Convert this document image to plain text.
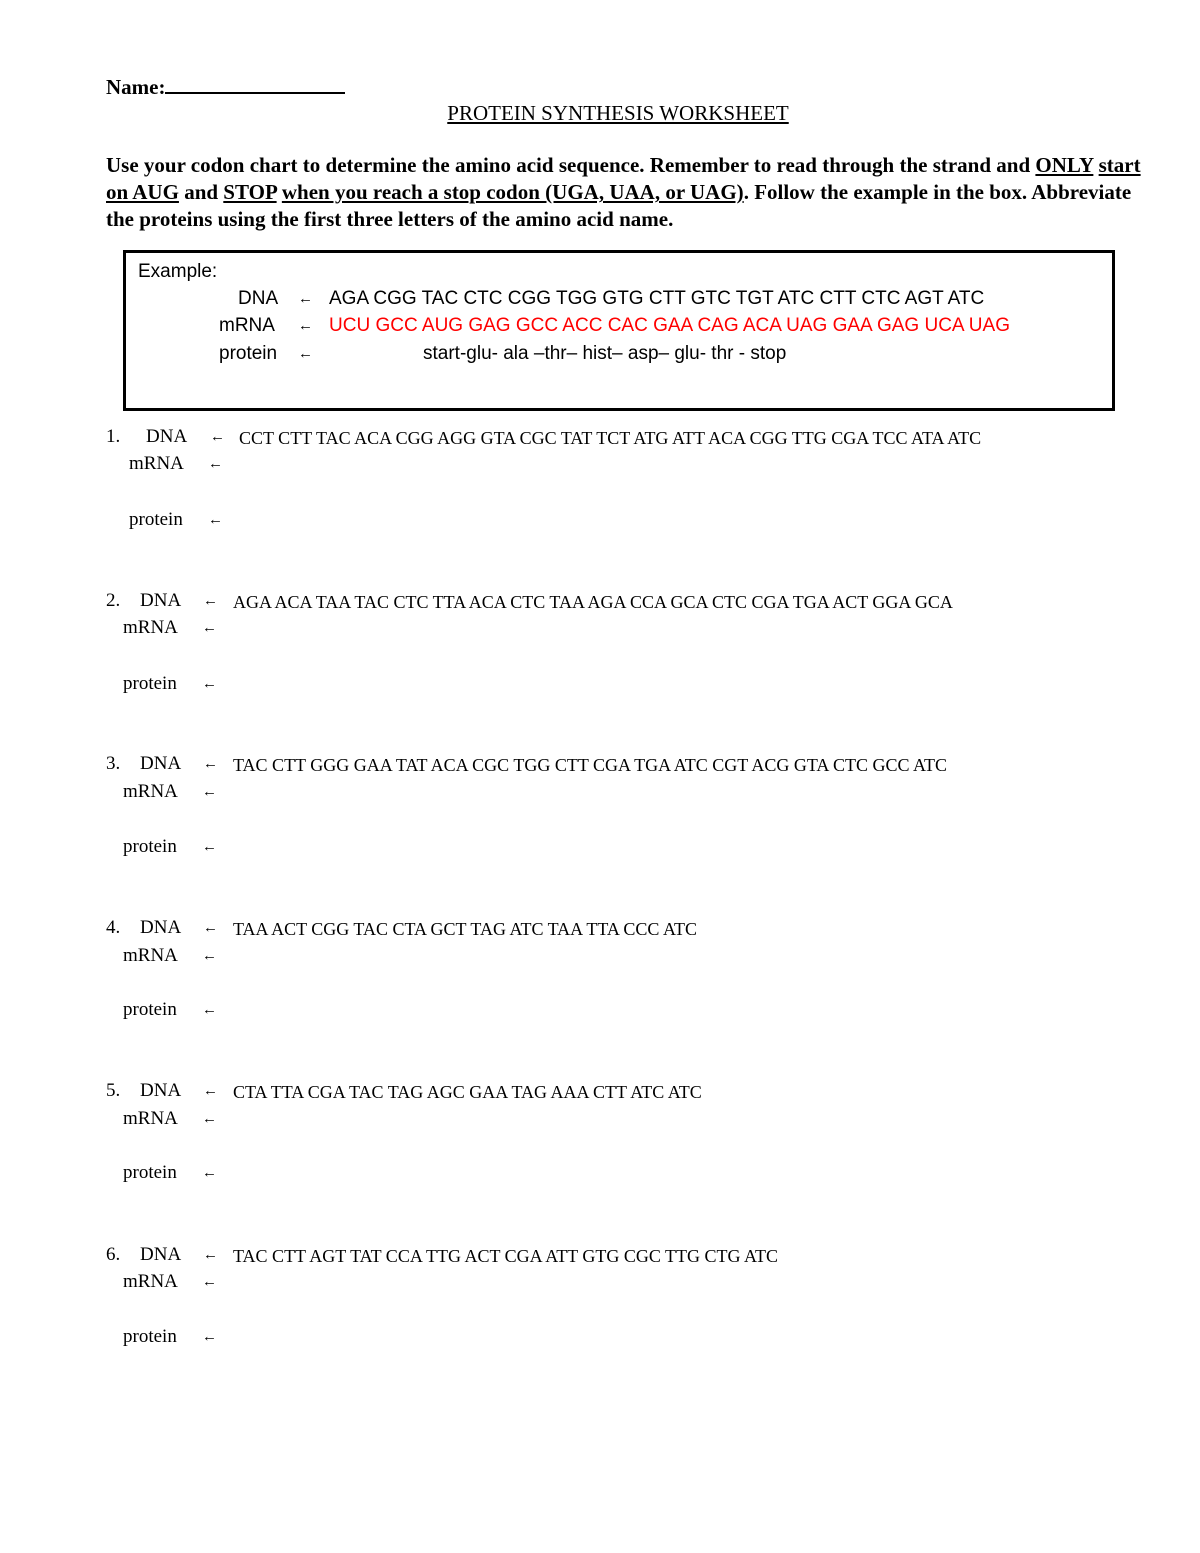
Name:
PROTEIN SYNTHESIS WORKSHEET
Use your codon chart to determine the amino acid sequence. Remember to read through the strand and ONLY start on AUG and STOP when you reach a stop codon (UGA, UAA, or UAG). Follow the example in the box. Abbreviate the proteins using the first three letters of the amino acid name.
Example:
DNA ← AGA CGG TAC CTC CGG TGG GTG CTT GTC TGT ATC CTT CTC AGT ATC
mRNA ← UCU GCC AUG GAG GCC ACC CAC GAA CAG ACA UAG GAA GAG UCA UAG
protein ←	start-glu- ala –thr– hist– asp– glu- thr - stop
1. DNA ← CCT CTT TAC ACA CGG AGG GTA CGC TAT TCT ATG ATT ACA CGG TTG CGA TCC ATA ATC
mRNA ←
protein ←
2. DNA ← AGA ACA TAA TAC CTC TTA ACA CTC TAA AGA CCA GCA CTC CGA TGA ACT GGA GCA
mRNA ←
protein ←
3. DNA ← TAC CTT GGG GAA TAT ACA CGC TGG CTT CGA TGA ATC CGT ACG GTA CTC GCC ATC
mRNA ←
protein ←
4. DNA ← TAA ACT CGG TAC CTA GCT TAG ATC TAA TTA CCC ATC
mRNA ←
protein ←
5. DNA ← CTA TTA CGA TAC TAG AGC GAA TAG AAA CTT ATC ATC
mRNA ←
protein ←
6. DNA ← TAC CTT AGT TAT CCA TTG ACT CGA ATT GTG CGC TTG CTG ATC
mRNA ←
protein ←
